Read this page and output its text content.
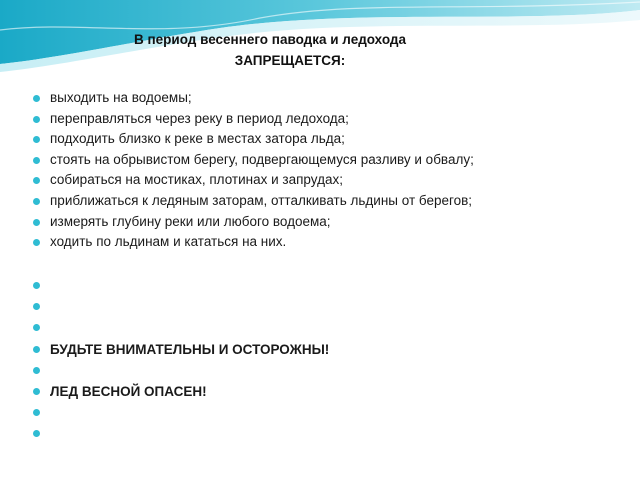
В период весеннего паводка и ледохода
ЗАПРЕЩАЕТСЯ:
выходить на водоемы;
переправляться через реку в период ледохода;
подходить близко к реке в местах затора льда;
стоять на обрывистом берегу, подвергающемуся разливу и обвалу;
собираться на мостиках, плотинах и запрудах;
приближаться к ледяным заторам, отталкивать льдины от берегов;
измерять глубину реки или любого водоема;
ходить по льдинам и кататься на них.
БУДЬТЕ ВНИМАТЕЛЬНЫ И ОСТОРОЖНЫ!
ЛЕД ВЕСНОЙ ОПАСЕН!
